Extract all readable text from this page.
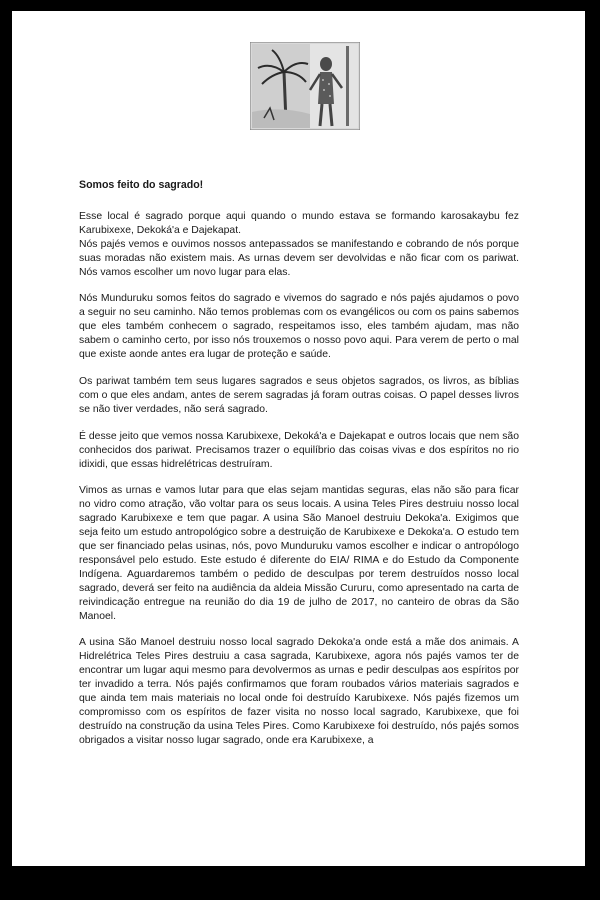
Somos feito do sagrado!
Esse local é sagrado porque aqui quando o mundo estava se formando karosakaybu fez Karubixexe, Dekoká'a e Dajekapat.
Nós pajés vemos e ouvimos nossos antepassados se manifestando e cobrando de nós porque suas moradas não existem mais. As urnas devem ser devolvidas e não ficar com os pariwat. Nós vamos escolher um novo lugar para elas.
Nós Munduruku somos feitos do sagrado e vivemos do sagrado e nós pajés ajudamos o povo a seguir no seu caminho. Não temos problemas com os evangélicos ou com os pains sabemos que eles também conhecem o sagrado, respeitamos isso, eles também ajudam, mas não sabem o caminho certo, por isso nós trouxemos o nosso povo aqui. Para verem de perto o mal que existe aonde antes era lugar de proteção e saúde.
Os pariwat também tem seus lugares sagrados e seus objetos sagrados, os livros, as bíblias com o que eles andam, antes de serem sagradas já foram outras coisas. O papel desses livros se não tiver verdades, não será sagrado.
É desse jeito que vemos nossa Karubixexe, Dekoká'a e Dajekapat e outros locais que nem são conhecidos dos pariwat. Precisamos trazer o equilíbrio das coisas vivas e dos espíritos no rio idixidi, que essas hidrelétricas destruíram.
Vimos as urnas e vamos lutar para que elas sejam mantidas seguras, elas não são para ficar no vidro como atração, vão voltar para os seus locais. A usina Teles Pires destruiu nosso local sagrado Karubixexe e tem que pagar. A usina São Manoel destruiu Dekoka'a. Exigimos que seja feito um estudo antropológico sobre a destruição de Karubixexe e Dekoka'a. O estudo tem que ser financiado pelas usinas, nós, povo Munduruku vamos escolher e indicar o antropólogo responsável pelo estudo. Este estudo é diferente do EIA/ RIMA e do Estudo da Componente Indígena. Aguardaremos também o pedido de desculpas por terem destruídos nosso local sagrado, deverá ser feito na audiência da aldeia Missão Cururu, como apresentado na carta de reivindicação entregue na reunião do dia 19 de julho de 2017, no canteiro de obras da São Manoel.
A usina São Manoel destruiu nosso local sagrado Dekoka'a onde está a mãe dos animais. A Hidrelétrica Teles Pires destruiu a casa sagrada, Karubixexe, agora nós pajés vamos ter de encontrar um lugar aqui mesmo para devolvermos as urnas e pedir desculpas aos espíritos por ter invadido a terra. Nós pajés confirmamos que foram roubados vários materiais sagrados e que ainda tem mais materiais no local onde foi destruído Karubixexe. Nós pajés fizemos um compromisso com os espíritos de fazer visita no nosso local sagrado, Karubixexe, que foi destruído na construção da usina Teles Pires. Como Karubixexe foi destruído, nós pajés somos obrigados a visitar nosso lugar sagrado, onde era Karubixexe, a
